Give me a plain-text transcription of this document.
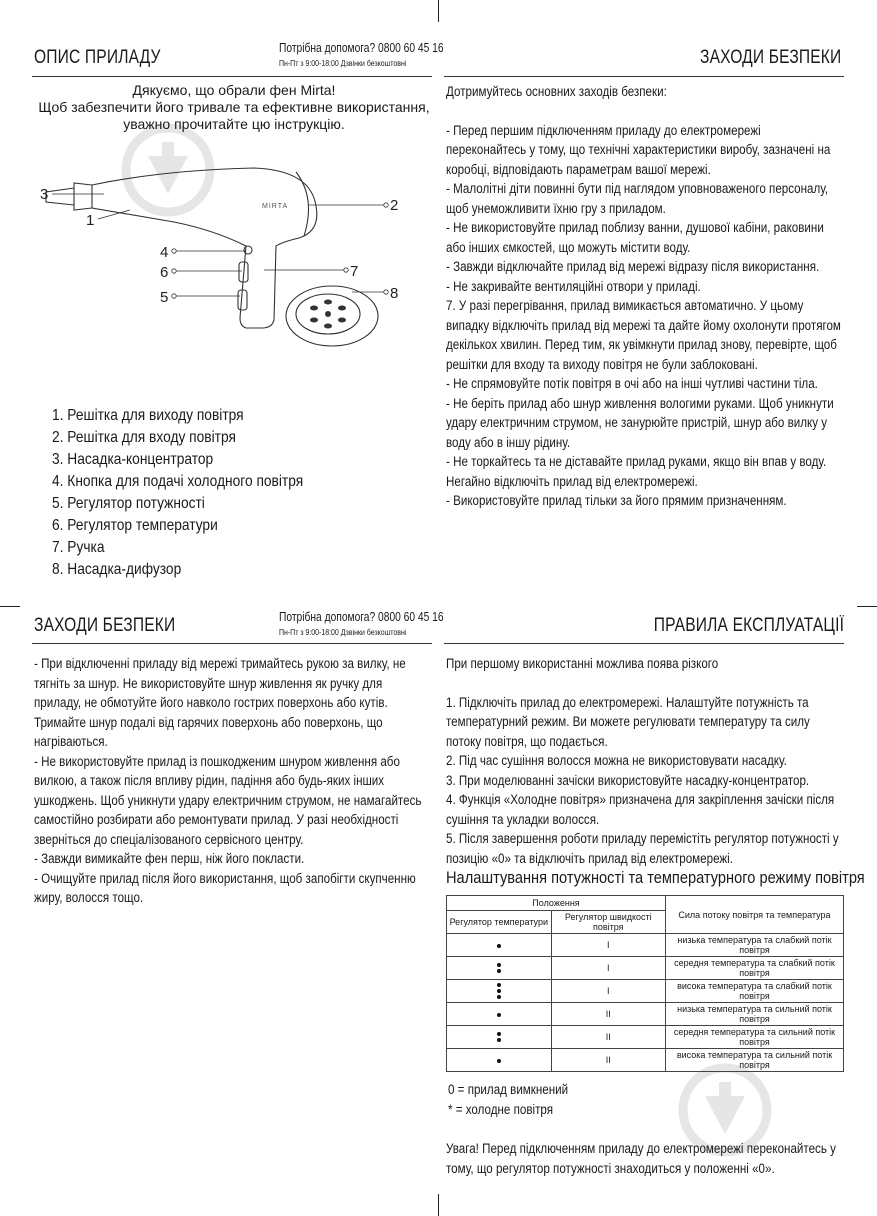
ОПИС ПРИЛАДУ	Потрібна допомога? 0800 60 45 16
Пн-Пт з 9:00-18:00 Дзвінки безкоштовні

Дякуємо, що обрали фен Mirta!

Щоб забезпечити його тривале та ефективне використання,

уважно прочитайте цю інструкцію.

MIRTA
3
1
2
4
6
5
7
8

1. Решітка для виходу повітря

2. Решітка для входу повітря

3. Насадка-концентратор

4. Кнопка для подачі холодного повітря

5. Регулятор потужності

6. Регулятор температури

7. Ручка

8. Насадка-дифузор

ЗАХОДИ БЕЗПЕКИ

Дотримуйтесь основних заходів безпеки:

- Перед першим підключенням приладу до електромережі переконайтесь у тому, що технічні характеристики виробу, зазначені на коробці, відповідають параметрам вашої мережі.

- Малолітні діти повинні бути під наглядом уповноваженого персоналу, щоб унеможливити їхню гру з приладом.

- Не використовуйте прилад поблизу ванни, душової кабіни, раковини або інших ємкостей, що можуть містити воду.

- Завжди відключайте прилад від мережі відразу після використання.

- Не закривайте вентиляційні отвори у приладі.

7. У разі перегрівання, прилад вимикається автоматично. У цьому випадку відключіть прилад від мережі та дайте йому охолонути протягом декількох хвилин. Перед тим, як увімкнути прилад знову, перевірте, щоб решітки для входу та виходу повітря не були заблоковані.

- Не спрямовуйте потік повітря в очі або на інші чутливі частини тіла.

- Не беріть прилад або шнур живлення вологими руками. Щоб уникнути удару електричним струмом, не занурюйте пристрій, шнур або вилку у воду або в іншу рідину.

- Не торкайтесь та не діставайте прилад руками, якщо він впав у воду. Негайно відключіть прилад від електромережі.

- Використовуйте прилад тільки за його прямим призначенням.

ЗАХОДИ БЕЗПЕКИ	Потрібна допомога? 0800 60 45 16
Пн-Пт з 9:00-18:00 Дзвінки безкоштовні

- При відключенні приладу від мережі тримайтесь рукою за вилку, не тягніть за шнур. Не використовуйте шнур живлення як ручку для приладу, не обмотуйте його навколо гострих поверхонь або кутів. Тримайте шнур подалі від гарячих поверхонь або поверхонь, що нагріваються.

- Не використовуйте прилад із пошкодженим шнуром живлення або вилкою, а також після впливу рідин, падіння або будь-яких інших ушкоджень. Щоб уникнути удару електричним струмом, не намагайтесь самостійно розбирати або ремонтувати прилад. У разі необхідності зверніться до спеціалізованого сервісного центру.

- Завжди вимикайте фен перш, ніж його покласти.

- Очищуйте прилад після його використання, щоб запобігти скупченню жиру, волосся тощо.

ПРАВИЛА ЕКСПЛУАТАЦІЇ

При першому використанні можлива поява різкого

1. Підключіть прилад до електромережі. Налаштуйте потужність та температурний режим. Ви можете регулювати температуру та силу потоку повітря, що подається.

2. Під час сушіння волосся можна не використовувати насадку.

3. При моделюванні зачіски використовуйте насадку-концентратор.

4. Функція «Холодне повітря» призначена для закріплення зачіски після сушіння та укладки волосся.

5. Після завершення роботи приладу перемістіть регулятор потужності у позицію «0» та відключіть прилад від електромережі.

Налаштування потужності та температурного режиму повітря
Положення		Сила потоку повітря та температура
Регулятор температури	Регулятор швидкості повітря	

	I	низька температура та слабкий потік повітря

	I	середня температура та слабкий потік повітря

	I	висока температура та слабкий потік повітря

	II	низька температура та сильний потік повітря

	II	середня температура та сильний потік повітря

	II	висока температура та сильний потік повітря

0 = прилад вимкнений

* = холодне повітря

Увага! Перед підключенням приладу до електромережі переконайтесь у тому, що регулятор потужності знаходиться у положенні «0».
